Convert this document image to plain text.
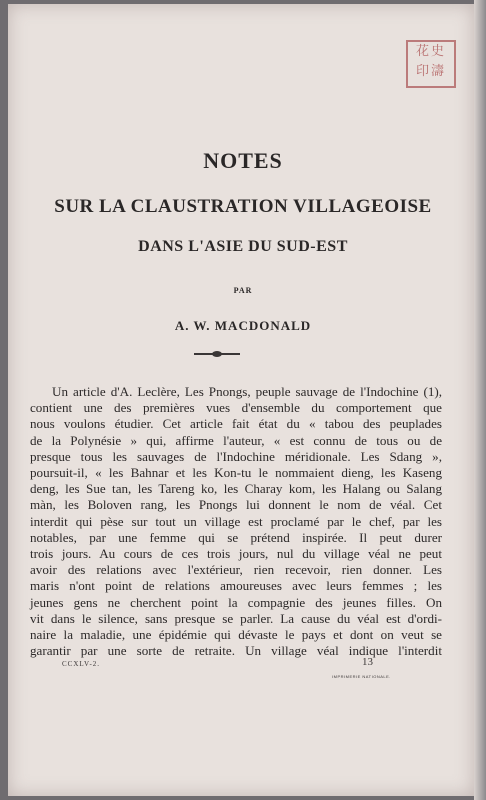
花史
印濤
NOTES
SUR LA CLAUSTRATION VILLAGEOISE
DANS L'ASIE DU SUD-EST
PAR
A. W. MACDONALD

Un article d'A. Leclère, Les Pnongs, peuple sauvage de l'Indochine (1),
contient une des premières vues d'ensemble du comportement que
nous voulons étudier. Cet article fait état du « tabou des peuplades
de la Polynésie » qui, affirme l'auteur, « est connu de tous ou de
presque tous les sauvages de l'Indochine méridionale. Les Sdang »,
poursuit-il, « les Bahnar et les Kon-tu le nommaient dieng, les Kaseng
deng, les Sue tan, les Tareng ko, les Charay kom, les Halang ou Salang
màn, les Boloven rang, les Pnongs lui donnent le nom de véal. Cet
interdit qui pèse sur tout un village est proclamé par le chef, par les
notables, par une femme qui se prétend inspirée. Il peut durer
trois jours. Au cours de ces trois jours, nul du village véal ne peut
avoir des relations avec l'extérieur, rien recevoir, rien donner. Les
maris n'ont point de relations amoureuses avec leurs femmes ; les
jeunes gens ne cherchent point la compagnie des jeunes filles. On
vit dans le silence, sans presque se parler. La cause du véal est d'ordi-
naire la maladie, une épidémie qui dévaste le pays et dont on veut se
garantir par une sorte de retraite. Un village véal indique l'interdit

CCXLV-2.	13
IMPRIMERIE NATIONALE.
